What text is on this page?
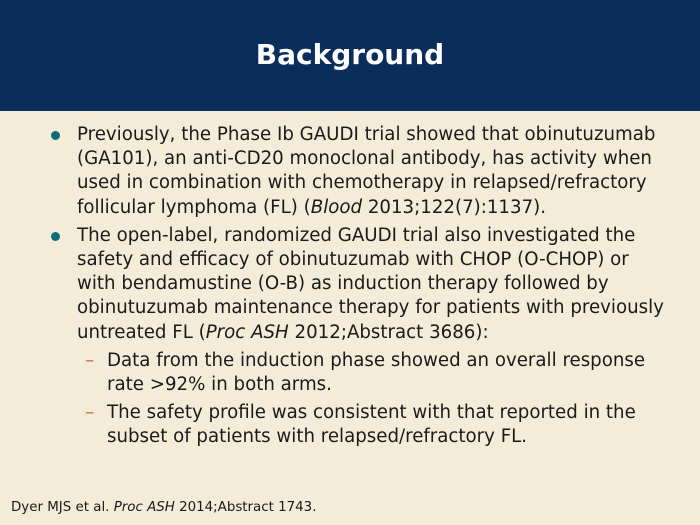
Background
Previously, the Phase Ib GAUDI trial showed that obinutuzumab (GA101), an anti-CD20 monoclonal antibody, has activity when used in combination with chemotherapy in relapsed/refractory follicular lymphoma (FL) (Blood 2013;122(7):1137).
The open-label, randomized GAUDI trial also investigated the safety and efficacy of obinutuzumab with CHOP (O-CHOP) or with bendamustine (O-B) as induction therapy followed by obinutuzumab maintenance therapy for patients with previously untreated FL (Proc ASH 2012;Abstract 3686):
– Data from the induction phase showed an overall response rate >92% in both arms.
– The safety profile was consistent with that reported in the subset of patients with relapsed/refractory FL.
Dyer MJS et al. Proc ASH 2014;Abstract 1743.
